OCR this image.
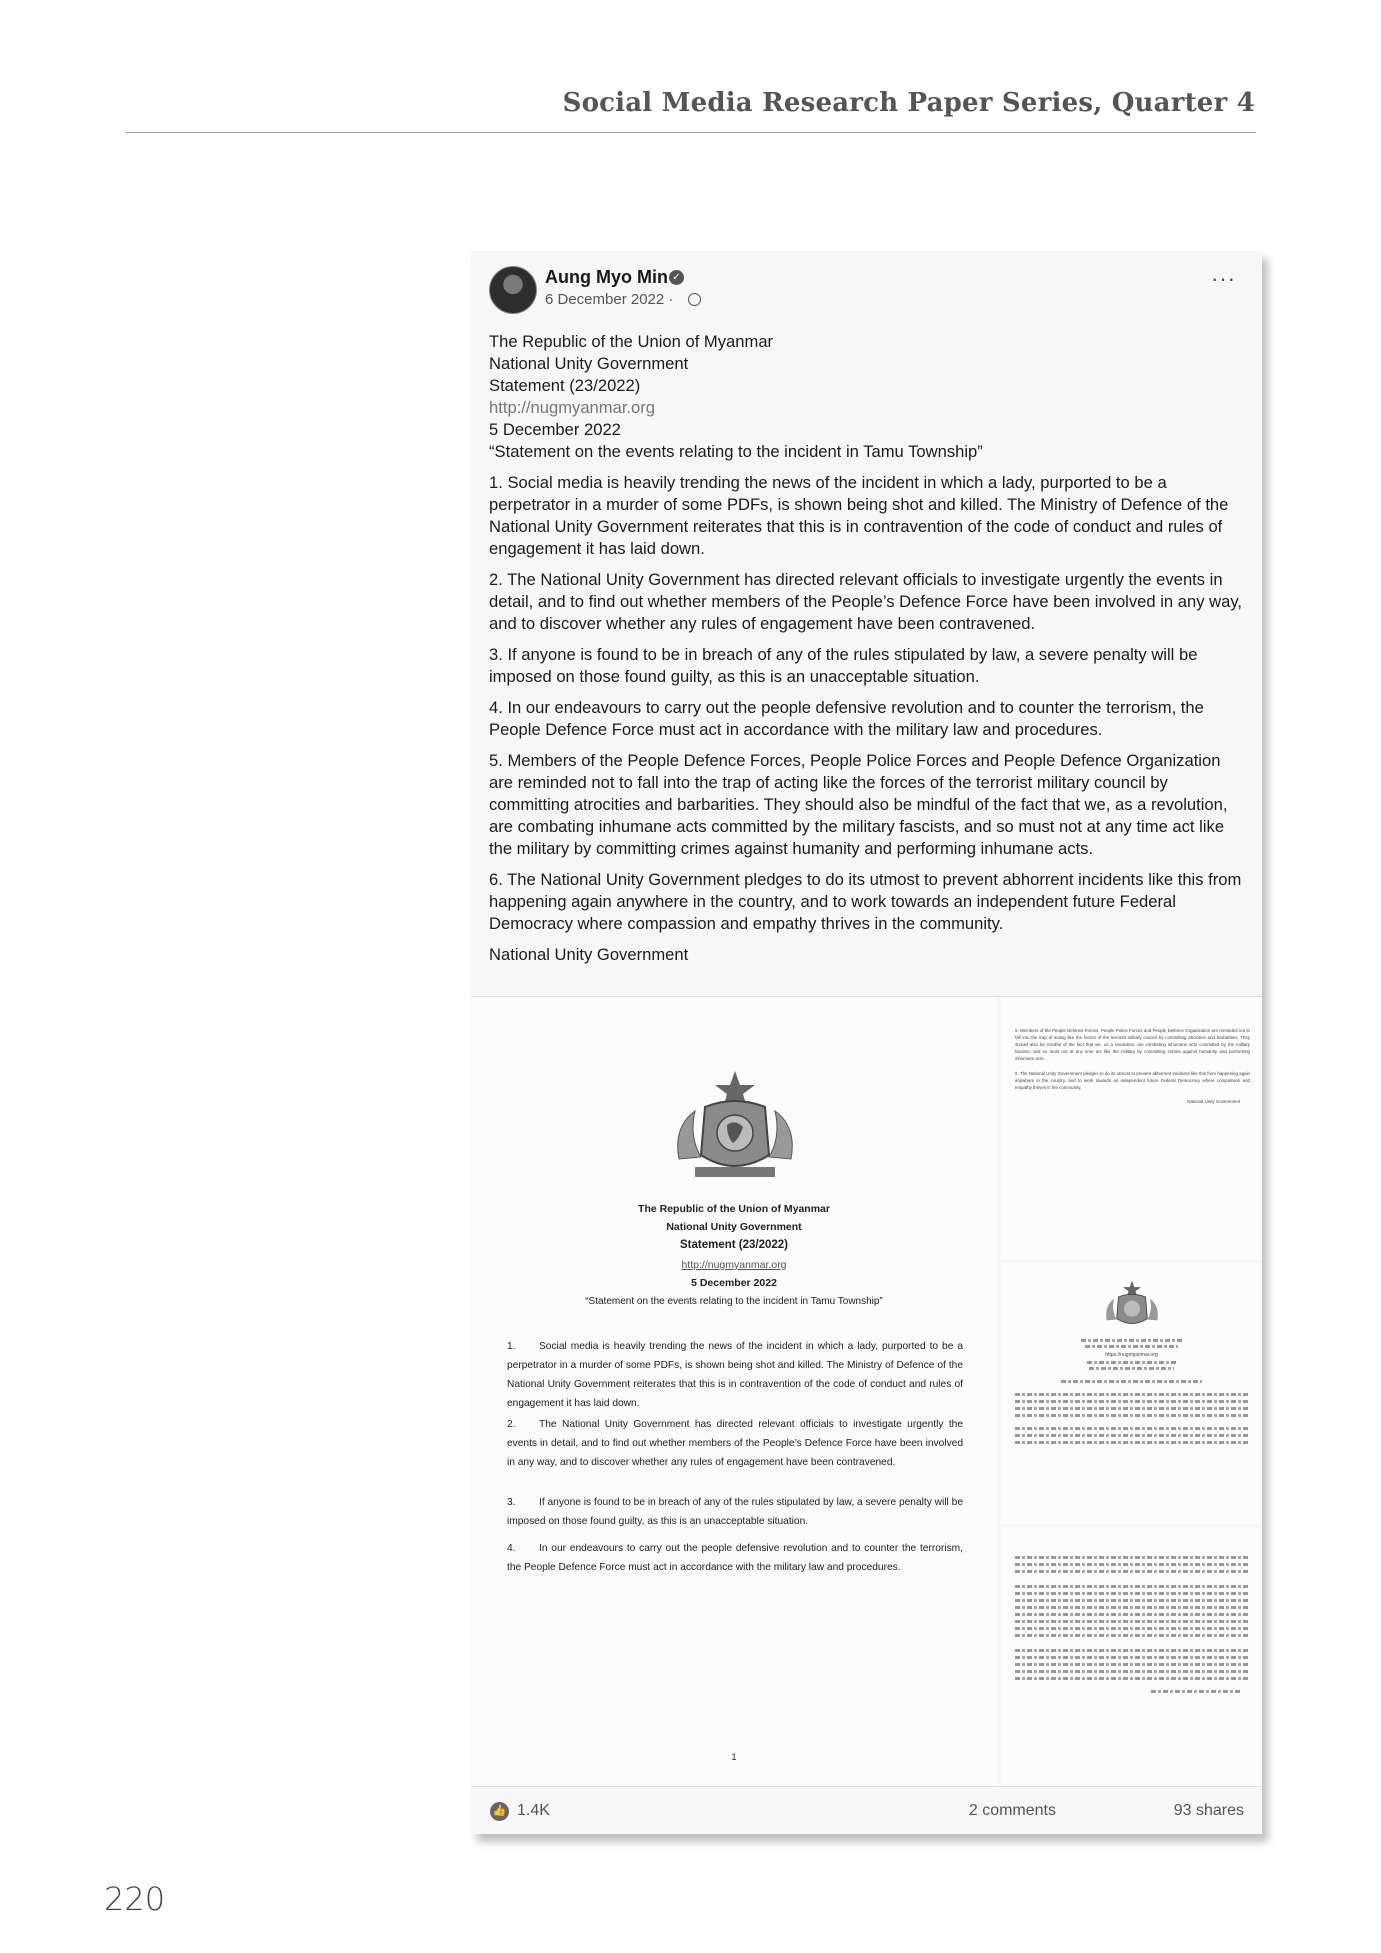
Social Media Research Paper Series, Quarter 4
Aung Myo Min ✓
6 December 2022 ·
···

The Republic of the Union of Myanmar
National Unity Government
Statement (23/2022)
http://nugmyanmar.org
5 December 2022
“Statement on the events relating to the incident in Tamu Township”

1. Social media is heavily trending the news of the incident in which a lady, purported to be a perpetrator in a murder of some PDFs, is shown being shot and killed. The Ministry of Defence of the National Unity Government reiterates that this is in contravention of the code of conduct and rules of engagement it has laid down.

2. The National Unity Government has directed relevant officials to investigate urgently the events in detail, and to find out whether members of the People’s Defence Force have been involved in any way, and to discover whether any rules of engagement have been contravened.

3. If anyone is found to be in breach of any of the rules stipulated by law, a severe penalty will be imposed on those found guilty, as this is an unacceptable situation.

4. In our endeavours to carry out the people defensive revolution and to counter the terrorism, the People Defence Force must act in accordance with the military law and procedures.

5. Members of the People Defence Forces, People Police Forces and People Defence Organization are reminded not to fall into the trap of acting like the forces of the terrorist military council by committing atrocities and barbarities. They should also be mindful of the fact that we, as a revolution, are combating inhumane acts committed by the military fascists, and so must not at any time act like the military by committing crimes against humanity and performing inhumane acts.

6. The National Unity Government pledges to do its utmost to prevent abhorrent incidents like this from happening again anywhere in the country, and to work towards an independent future Federal Democracy where compassion and empathy thrives in the community.

National Unity Government

The Republic of the Union of Myanmar
National Unity Government
Statement (23/2022)
http://nugmyanmar.org
5 December 2022
“Statement on the events relating to the incident in Tamu Township”
1. Social media is heavily trending the news of the incident in which a lady, purported to be a perpetrator in a murder of some PDFs, is shown being shot and killed. The Ministry of Defence of the National Unity Government reiterates that this is in contravention of the code of conduct and rules of engagement it has laid down.
2. The National Unity Government has directed relevant officials to investigate urgently the events in detail, and to find out whether members of the People’s Defence Force have been involved in any way, and to discover whether any rules of engagement have been contravened.
3. If anyone is found to be in breach of any of the rules stipulated by law, a severe penalty will be imposed on those found guilty, as this is an unacceptable situation.
4. In our endeavours to carry out the people defensive revolution and to counter the terrorism, the People Defence Force must act in accordance with the military law and procedures.
1

5. Members of the People Defence Forces, People Police Forces and People Defence Organization are reminded not to fall into the trap of acting like the forces of the terrorist military council by committing atrocities and barbarities. They should also be mindful of the fact that we, as a revolution, are combating inhumane acts committed by the military fascists, and so must not at any time act like the military by committing crimes against humanity and performing inhumane acts.

6. The National Unity Government pledges to do its utmost to prevent abhorrent incidents like this from happening again anywhere in the country, and to work towards an independent future Federal Democracy where compassion and empathy thrives in the community.

National Unity Government
https://nugmyanmar.org
👍 1.4K	2 comments	93 shares
220
